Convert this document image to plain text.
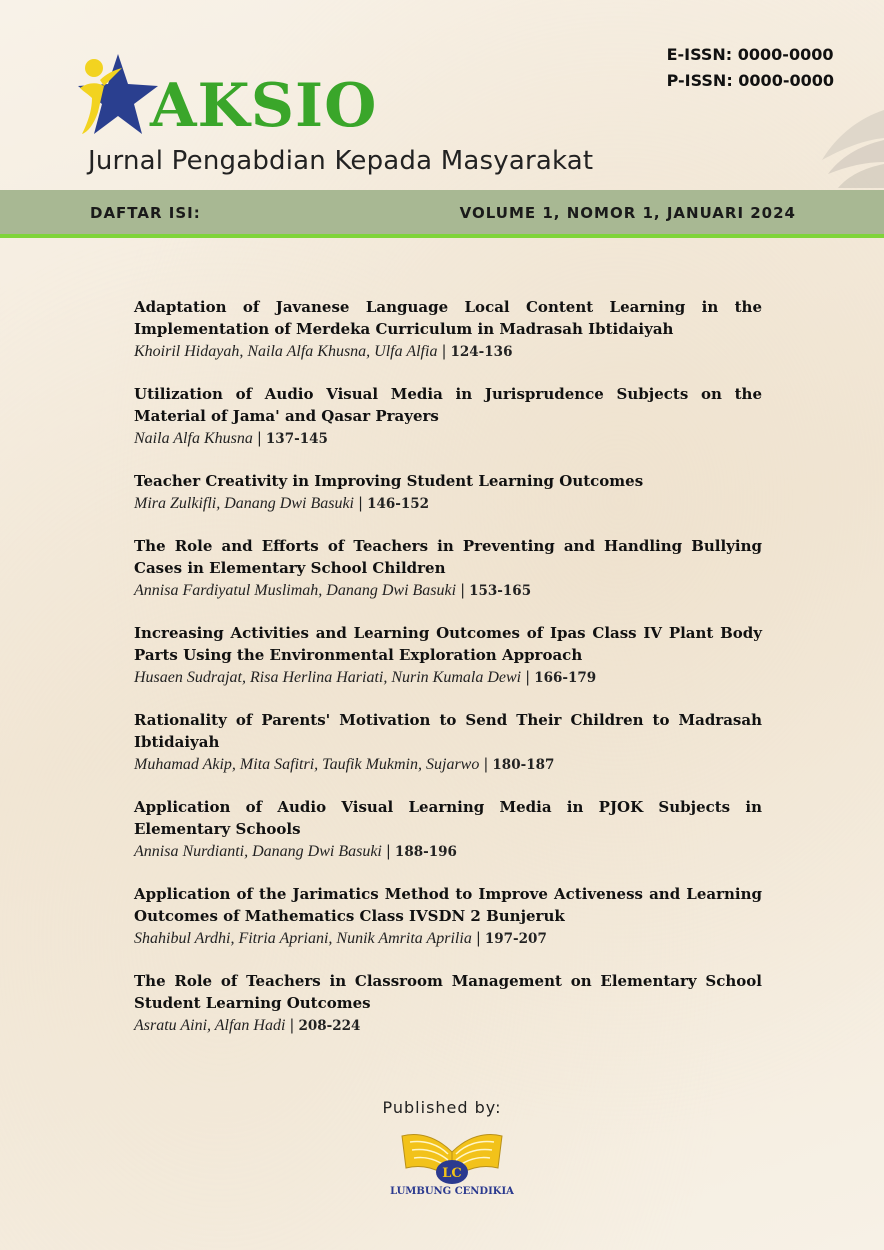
AKSIO
Jurnal Pengabdian Kepada Masyarakat
E-ISSN: 0000-0000
P-ISSN: 0000-0000
DAFTAR ISI:	VOLUME 1, NOMOR 1, JANUARI 2024
Adaptation of Javanese Language Local Content Learning in the Implementation of Merdeka Curriculum in Madrasah Ibtidaiyah
Khoiril Hidayah, Naila Alfa Khusna, Ulfa Alfia | 124-136
Utilization of Audio Visual Media in Jurisprudence Subjects on the Material of Jama' and Qasar Prayers
Naila Alfa Khusna | 137-145
Teacher Creativity in Improving Student Learning Outcomes
Mira Zulkifli, Danang Dwi Basuki | 146-152
The Role and Efforts of Teachers in Preventing and Handling Bullying Cases in Elementary School Children
Annisa Fardiyatul Muslimah, Danang Dwi Basuki | 153-165
Increasing Activities and Learning Outcomes of Ipas Class IV Plant Body Parts Using the Environmental Exploration Approach
Husaen Sudrajat, Risa Herlina Hariati, Nurin Kumala Dewi | 166-179
Rationality of Parents' Motivation to Send Their Children to Madrasah Ibtidaiyah
Muhamad Akip, Mita Safitri, Taufik Mukmin, Sujarwo | 180-187
Application of Audio Visual Learning Media in PJOK Subjects in Elementary Schools
Annisa Nurdianti, Danang Dwi Basuki | 188-196
Application of the Jarimatics Method to Improve Activeness and Learning Outcomes of Mathematics Class IVSDN 2 Bunjeruk
Shahibul Ardhi, Fitria Apriani, Nunik Amrita Aprilia | 197-207
The Role of Teachers in Classroom Management on Elementary School Student Learning Outcomes
Asratu Aini, Alfan Hadi | 208-224
Published by:
LC
LUMBUNG CENDIKIA
